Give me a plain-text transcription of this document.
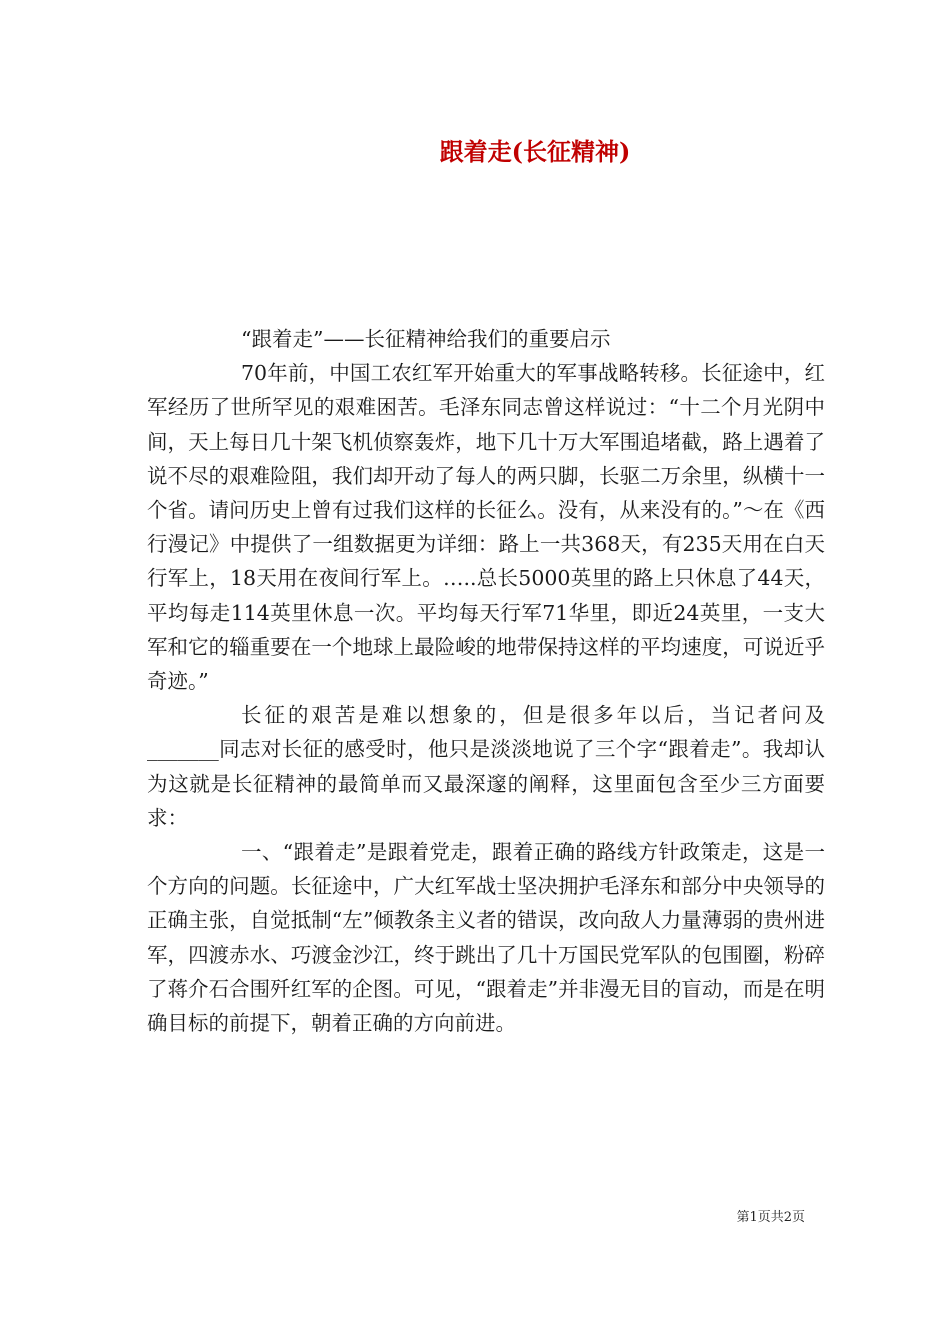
跟着走(长征精神)

“跟着走”——长征精神给我们的重要启示

70年前，中国工农红军开始重大的军事战略转移。长征途中，红军经历了世所罕见的艰难困苦。毛泽东同志曾这样说过：“十二个月光阴中间，天上每日几十架飞机侦察轰炸，地下几十万大军围追堵截，路上遇着了说不尽的艰难险阻，我们却开动了每人的两只脚，长驱二万余里，纵横十一个省。请问历史上曾有过我们这样的长征么。没有，从来没有的。”～在《西行漫记》中提供了一组数据更为详细：路上一共368天，有235天用在白天行军上，18天用在夜间行军上。…..总长5000英里的路上只休息了44天，平均每走114英里休息一次。平均每天行军71华里，即近24英里，一支大军和它的辎重要在一个地球上最险峻的地带保持这样的平均速度，可说近乎奇迹。”

长征的艰苦是难以想象的，但是很多年以后，当记者问及_______同志对长征的感受时，他只是淡淡地说了三个字“跟着走”。我却认为这就是长征精神的最简单而又最深邃的阐释，这里面包含至少三方面要求：

一、“跟着走”是跟着党走，跟着正确的路线方针政策走，这是一个方向的问题。长征途中，广大红军战士坚决拥护毛泽东和部分中央领导的正确主张，自觉抵制“左”倾教条主义者的错误，改向敌人力量薄弱的贵州进军，四渡赤水、巧渡金沙江，终于跳出了几十万国民党军队的包围圈，粉碎了蒋介石合围歼红军的企图。可见，“跟着走”并非漫无目的盲动，而是在明确目标的前提下，朝着正确的方向前进。

第1页共2页
